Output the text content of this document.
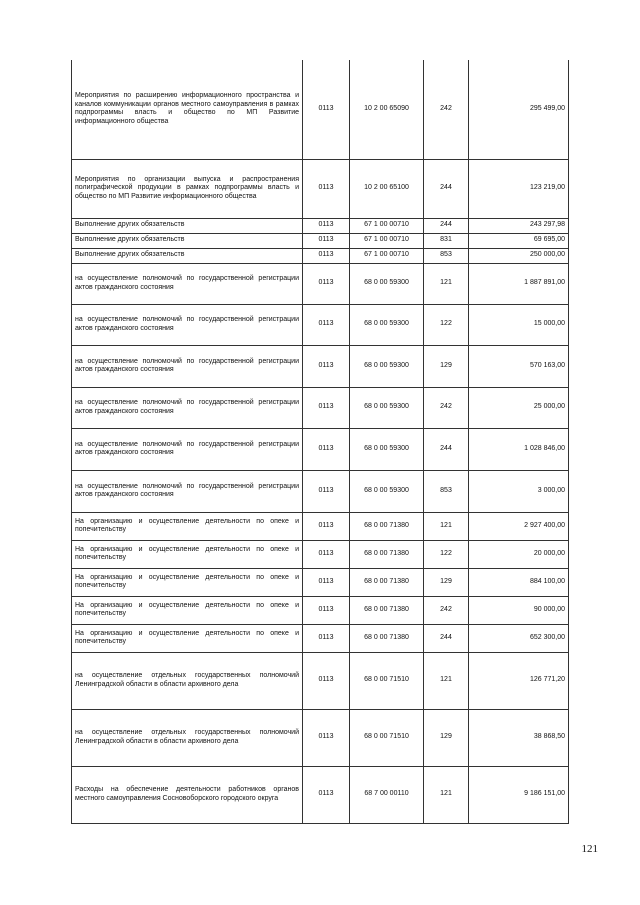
Мероприятия по расширению информационного пространства и каналов коммуникации органов местного самоуправления в рамках подпрограммы власть и общество по МП Развитие информационного общества	0113	10 2 00 65090	242	295 499,00
Мероприятия по организации выпуска и распространения полиграфической продукции в рамках подпрограммы власть и общество по МП Развитие информационного общества	0113	10 2 00 65100	244	123 219,00
Выполнение других обязательств	0113	67 1 00 00710	244	243 297,98
Выполнение других обязательств	0113	67 1 00 00710	831	69 695,00
Выполнение других обязательств	0113	67 1 00 00710	853	250 000,00
на осуществление полномочий по государственной регистрации актов гражданского состояния	0113	68 0 00 59300	121	1 887 891,00
на осуществление полномочий по государственной регистрации актов гражданского состояния	0113	68 0 00 59300	122	15 000,00
на осуществление полномочий по государственной регистрации актов гражданского состояния	0113	68 0 00 59300	129	570 163,00
на осуществление полномочий по государственной регистрации актов гражданского состояния	0113	68 0 00 59300	242	25 000,00
на осуществление полномочий по государственной регистрации актов гражданского состояния	0113	68 0 00 59300	244	1 028 846,00
на осуществление полномочий по государственной регистрации актов гражданского состояния	0113	68 0 00 59300	853	3 000,00
На организацию и осуществление деятельности по опеке и попечительству	0113	68 0 00 71380	121	2 927 400,00
На организацию и осуществление деятельности по опеке и попечительству	0113	68 0 00 71380	122	20 000,00
На организацию и осуществление деятельности по опеке и попечительству	0113	68 0 00 71380	129	884 100,00
На организацию и осуществление деятельности по опеке и попечительству	0113	68 0 00 71380	242	90 000,00
На организацию и осуществление деятельности по опеке и попечительству	0113	68 0 00 71380	244	652 300,00
на осуществление отдельных государственных полномочий Ленинградской области в области архивного дела	0113	68 0 00 71510	121	126 771,20
на осуществление отдельных государственных полномочий Ленинградской области в области архивного дела	0113	68 0 00 71510	129	38 868,50
Расходы на обеспечение деятельности работников органов местного самоуправления Сосновоборского городского округа	0113	68 7 00 00110	121	9 186 151,00
121
